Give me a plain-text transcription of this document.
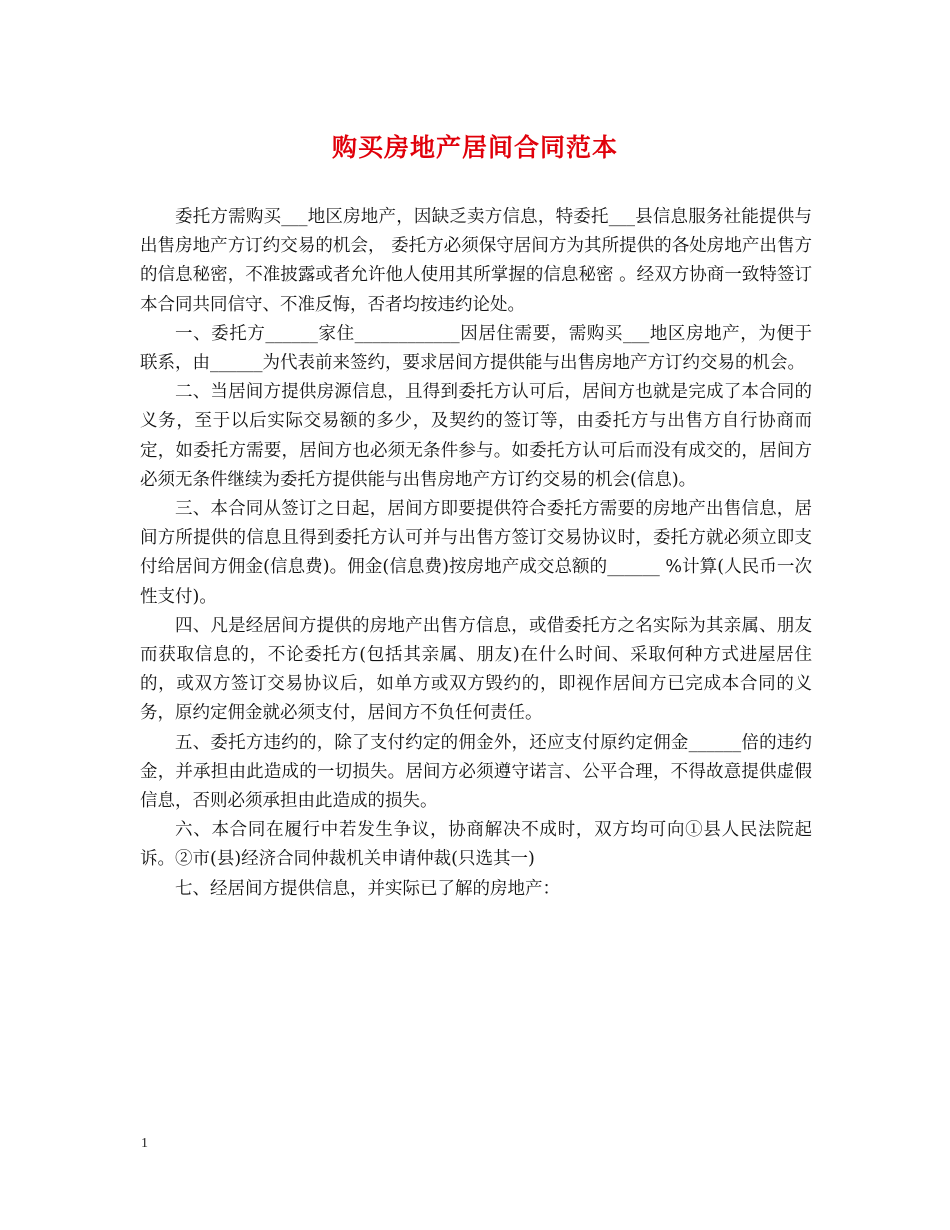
购买房地产居间合同范本

委托方需购买___地区房地产，因缺乏卖方信息，特委托___县信息服务社能提供与出售房地产方订约交易的机会， 委托方必须保守居间方为其所提供的各处房地产出售方的信息秘密，不准披露或者允许他人使用其所掌握的信息秘密 。经双方协商一致特签订本合同共同信守、不准反悔，否者均按违约论处。

一、委托方______家住____________因居住需要，需购买___地区房地产，为便于联系，由______为代表前来签约，要求居间方提供能与出售房地产方订约交易的机会。

二、当居间方提供房源信息，且得到委托方认可后，居间方也就是完成了本合同的义务，至于以后实际交易额的多少，及契约的签订等，由委托方与出售方自行协商而定，如委托方需要，居间方也必须无条件参与。如委托方认可后而没有成交的，居间方必须无条件继续为委托方提供能与出售房地产方订约交易的机会(信息)。

三、本合同从签订之日起，居间方即要提供符合委托方需要的房地产出售信息，居间方所提供的信息且得到委托方认可并与出售方签订交易协议时，委托方就必须立即支付给居间方佣金(信息费)。佣金(信息费)按房地产成交总额的______ %计算(人民币一次性支付)。

四、凡是经居间方提供的房地产出售方信息，或借委托方之名实际为其亲属、朋友而获取信息的，不论委托方(包括其亲属、朋友)在什么时间、采取何种方式进屋居住的，或双方签订交易协议后，如单方或双方毁约的，即视作居间方已完成本合同的义务，原约定佣金就必须支付，居间方不负任何责任。

五、委托方违约的，除了支付约定的佣金外，还应支付原约定佣金______倍的违约金，并承担由此造成的一切损失。居间方必须遵守诺言、公平合理，不得故意提供虚假信息，否则必须承担由此造成的损失。

六、本合同在履行中若发生争议，协商解决不成时，双方均可向①县人民法院起诉。②市(县)经济合同仲裁机关申请仲裁(只选其一)

七、经居间方提供信息，并实际已了解的房地产：

1
